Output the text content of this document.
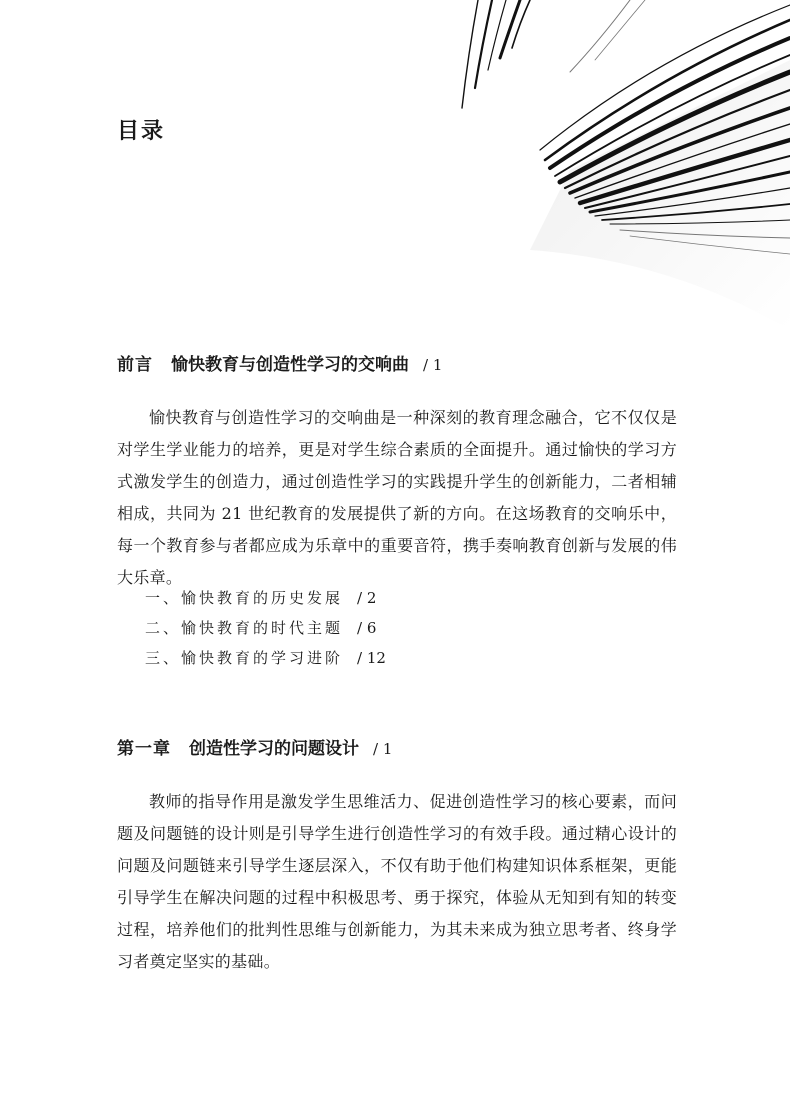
目录
前言 愉快教育与创造性学习的交响曲 / 1

愉快教育与创造性学习的交响曲是一种深刻的教育理念融合，它不仅仅是对学生学业能力的培养，更是对学生综合素质的全面提升。通过愉快的学习方式激发学生的创造力，通过创造性学习的实践提升学生的创新能力，二者相辅相成，共同为 21 世纪教育的发展提供了新的方向。在这场教育的交响乐中，每一个教育参与者都应成为乐章中的重要音符，携手奏响教育创新与发展的伟大乐章。

一、愉快教育的历史发展 / 2
二、愉快教育的时代主题 / 6
三、愉快教育的学习进阶 / 12
第一章 创造性学习的问题设计 / 1

教师的指导作用是激发学生思维活力、促进创造性学习的核心要素，而问题及问题链的设计则是引导学生进行创造性学习的有效手段。通过精心设计的问题及问题链来引导学生逐层深入，不仅有助于他们构建知识体系框架，更能引导学生在解决问题的过程中积极思考、勇于探究，体验从无知到有知的转变过程，培养他们的批判性思维与创新能力，为其未来成为独立思考者、终身学习者奠定坚实的基础。
